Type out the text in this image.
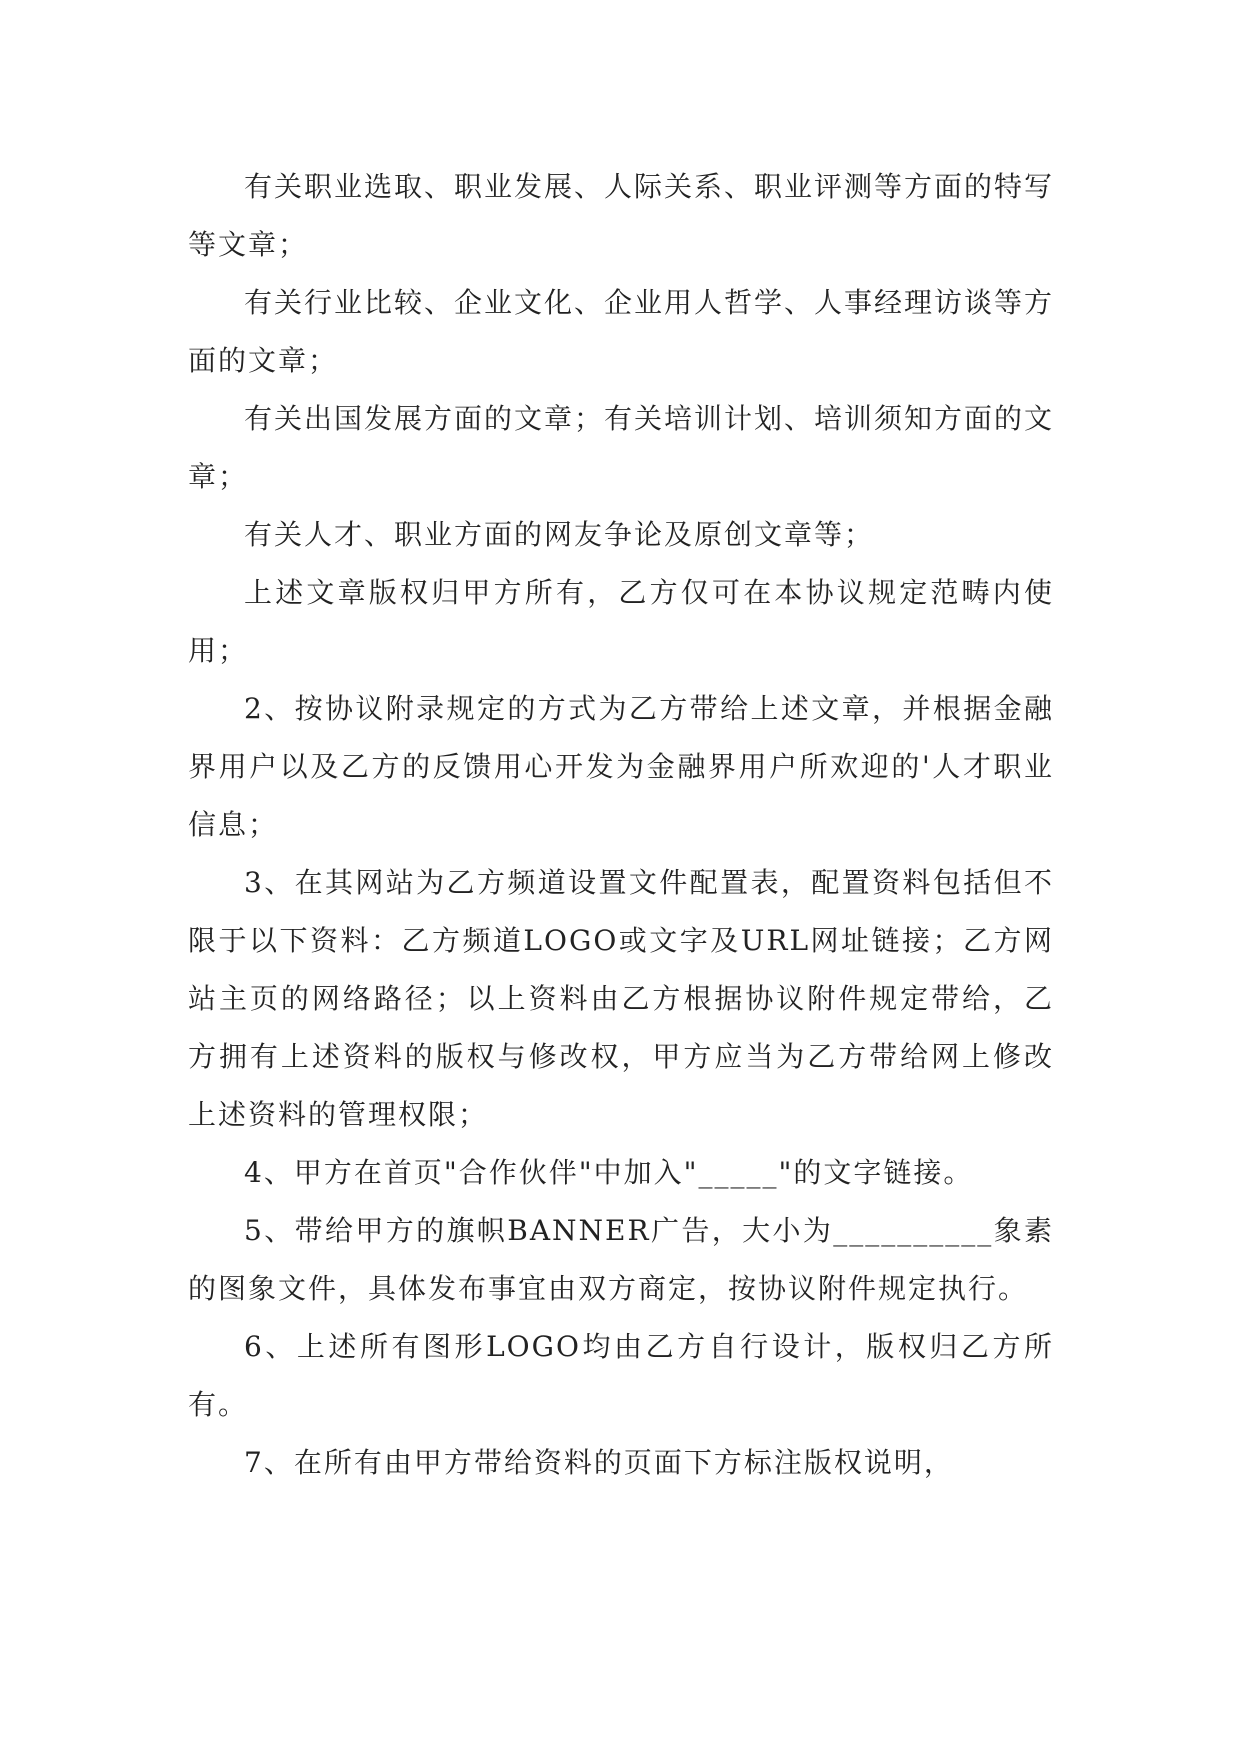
有关职业选取、职业发展、人际关系、职业评测等方面的特写等文章；

有关行业比较、企业文化、企业用人哲学、人事经理访谈等方面的文章；

有关出国发展方面的文章；有关培训计划、培训须知方面的文章；

有关人才、职业方面的网友争论及原创文章等；

上述文章版权归甲方所有，乙方仅可在本协议规定范畴内使用；

2、按协议附录规定的方式为乙方带给上述文章，并根据金融界用户以及乙方的反馈用心开发为金融界用户所欢迎的'人才职业信息；

3、在其网站为乙方频道设置文件配置表，配置资料包括但不限于以下资料：乙方频道LOGO或文字及URL网址链接；乙方网站主页的网络路径；以上资料由乙方根据协议附件规定带给，乙方拥有上述资料的版权与修改权，甲方应当为乙方带给网上修改上述资料的管理权限；

4、甲方在首页"合作伙伴"中加入"_____"的文字链接。

5、带给甲方的旗帜BANNER广告，大小为__________象素的图象文件，具体发布事宜由双方商定，按协议附件规定执行。

6、上述所有图形LOGO均由乙方自行设计，版权归乙方所有。

7、在所有由甲方带给资料的页面下方标注版权说明，
